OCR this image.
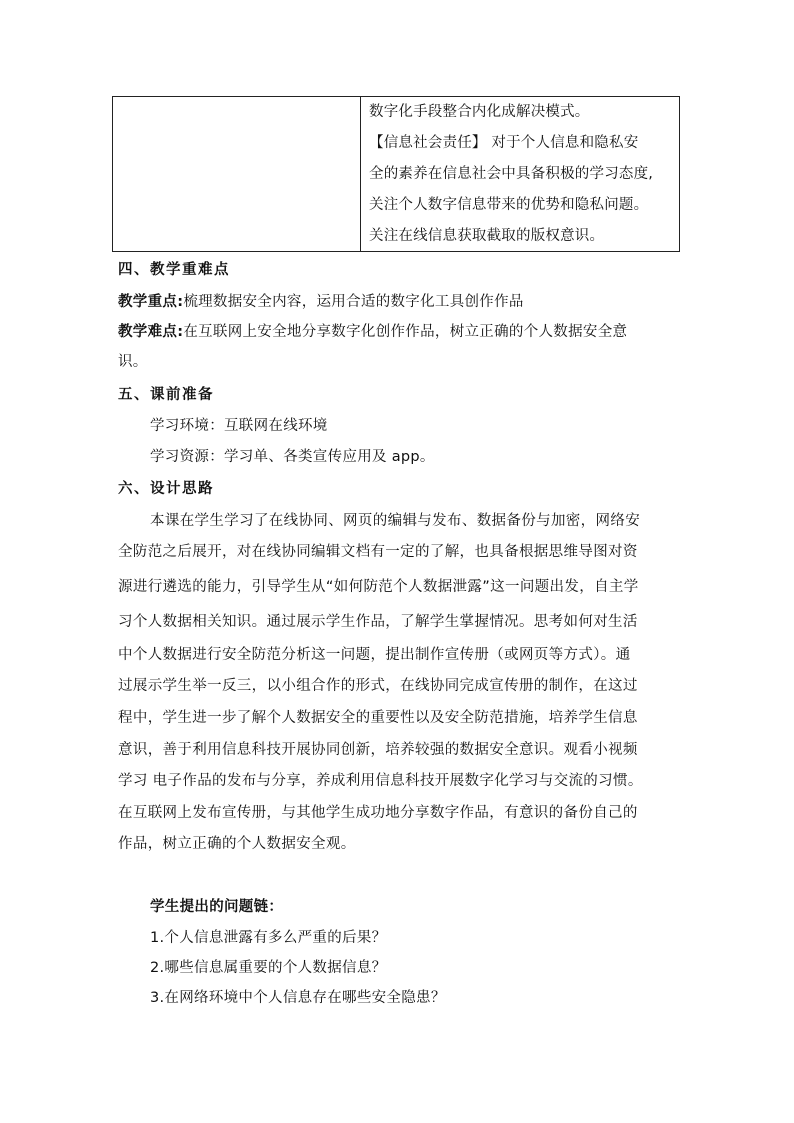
数字化手段整合内化成解决模式。

【信息社会责任】 对于个人信息和隐私安

全的素养在信息社会中具备积极的学习态度,

关注个人数字信息带来的优势和隐私问题。

关注在线信息获取截取的版权意识。

四、教学重难点
教学重点:梳理数据安全内容，运用合适的数字化工具创作作品
教学难点:在互联网上安全地分享数字化创作作品，树立正确的个人数据安全意
识。
五、课前准备
学习环境：互联网在线环境
学习资源：学习单、各类宣传应用及 app。
六、设计思路

本课在学生学习了在线协同、网页的编辑与发布、数据备份与加密，网络安

全防范之后展开，对在线协同编辑文档有一定的了解，也具备根据思维导图对资

源进行遴选的能力，引导学生从“如何防范个人数据泄露”这一问题出发，自主学

习个人数据相关知识。通过展示学生作品，了解学生掌握情况。思考如何对生活

中个人数据进行安全防范分析这一问题，提出制作宣传册（或网页等方式）。通

过展示学生举一反三，以小组合作的形式，在线协同完成宣传册的制作，在这过

程中，学生进一步了解个人数据安全的重要性以及安全防范措施，培养学生信息

意识，善于利用信息科技开展协同创新，培养较强的数据安全意识。观看小视频

学习 电子作品的发布与分享，养成利用信息科技开展数字化学习与交流的习惯。

在互联网上发布宣传册，与其他学生成功地分享数字作品，有意识的备份自己的

作品，树立正确的个人数据安全观。

学生提出的问题链：
1.个人信息泄露有多么严重的后果？
2.哪些信息属重要的个人数据信息？
3.在网络环境中个人信息存在哪些安全隐患？
